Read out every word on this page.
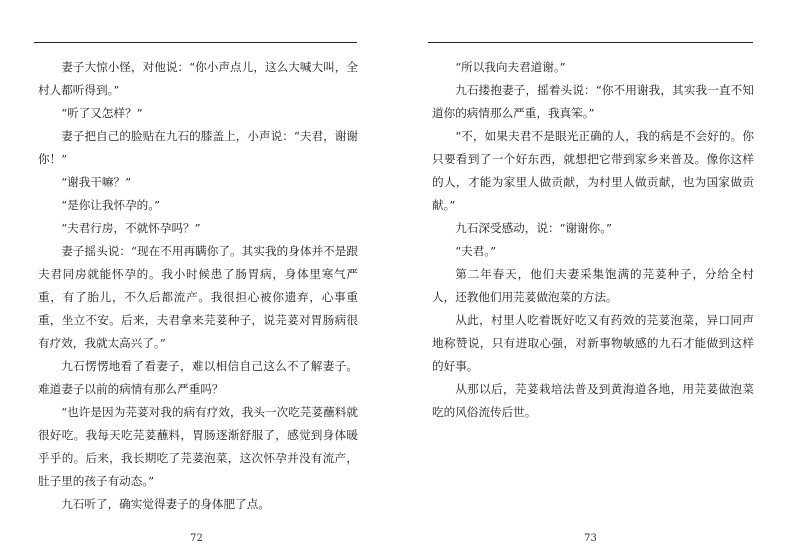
妻子大惊小怪，对他说：“你小声点儿，这么大喊大叫，全村人都听得到。”

“听了又怎样？”

妻子把自己的脸贴在九石的膝盖上，小声说：“夫君，谢谢你！”

“谢我干嘛？”

“是你让我怀孕的。”

“夫君行房，不就怀孕吗？”

妻子摇头说：“现在不用再瞒你了。其实我的身体并不是跟夫君同房就能怀孕的。我小时候患了肠胃病，身体里寒气严重，有了胎儿，不久后都流产。我很担心被你遗弃，心事重重，坐立不安。后来，夫君拿来芫荽种子，说芫荽对胃肠病很有疗效，我就太高兴了。”

九石愣愣地看了看妻子，难以相信自己这么不了解妻子。难道妻子以前的病情有那么严重吗？

“也许是因为芫荽对我的病有疗效，我头一次吃芫荽蘸料就很好吃。我每天吃芫荽蘸料，胃肠逐渐舒服了，感觉到身体暖乎乎的。后来，我长期吃了芫荽泡菜，这次怀孕并没有流产，肚子里的孩子有动态。”

九石听了，确实觉得妻子的身体肥了点。

72

“所以我向夫君道谢。”

九石搂抱妻子，摇着头说：“你不用谢我，其实我一直不知道你的病情那么严重，我真笨。”

“不，如果夫君不是眼光正确的人，我的病是不会好的。你只要看到了一个好东西，就想把它带到家乡来普及。像你这样的人，才能为家里人做贡献，为村里人做贡献，也为国家做贡献。”

九石深受感动，说：“谢谢你。”

“夫君。”

第二年春天，他们夫妻采集饱满的芫荽种子，分给全村人，还教他们用芫荽做泡菜的方法。

从此，村里人吃着既好吃又有药效的芫荽泡菜，异口同声地称赞说，只有进取心强，对新事物敏感的九石才能做到这样的好事。

从那以后，芫荽栽培法普及到黄海道各地，用芫荽做泡菜吃的风俗流传后世。

73
